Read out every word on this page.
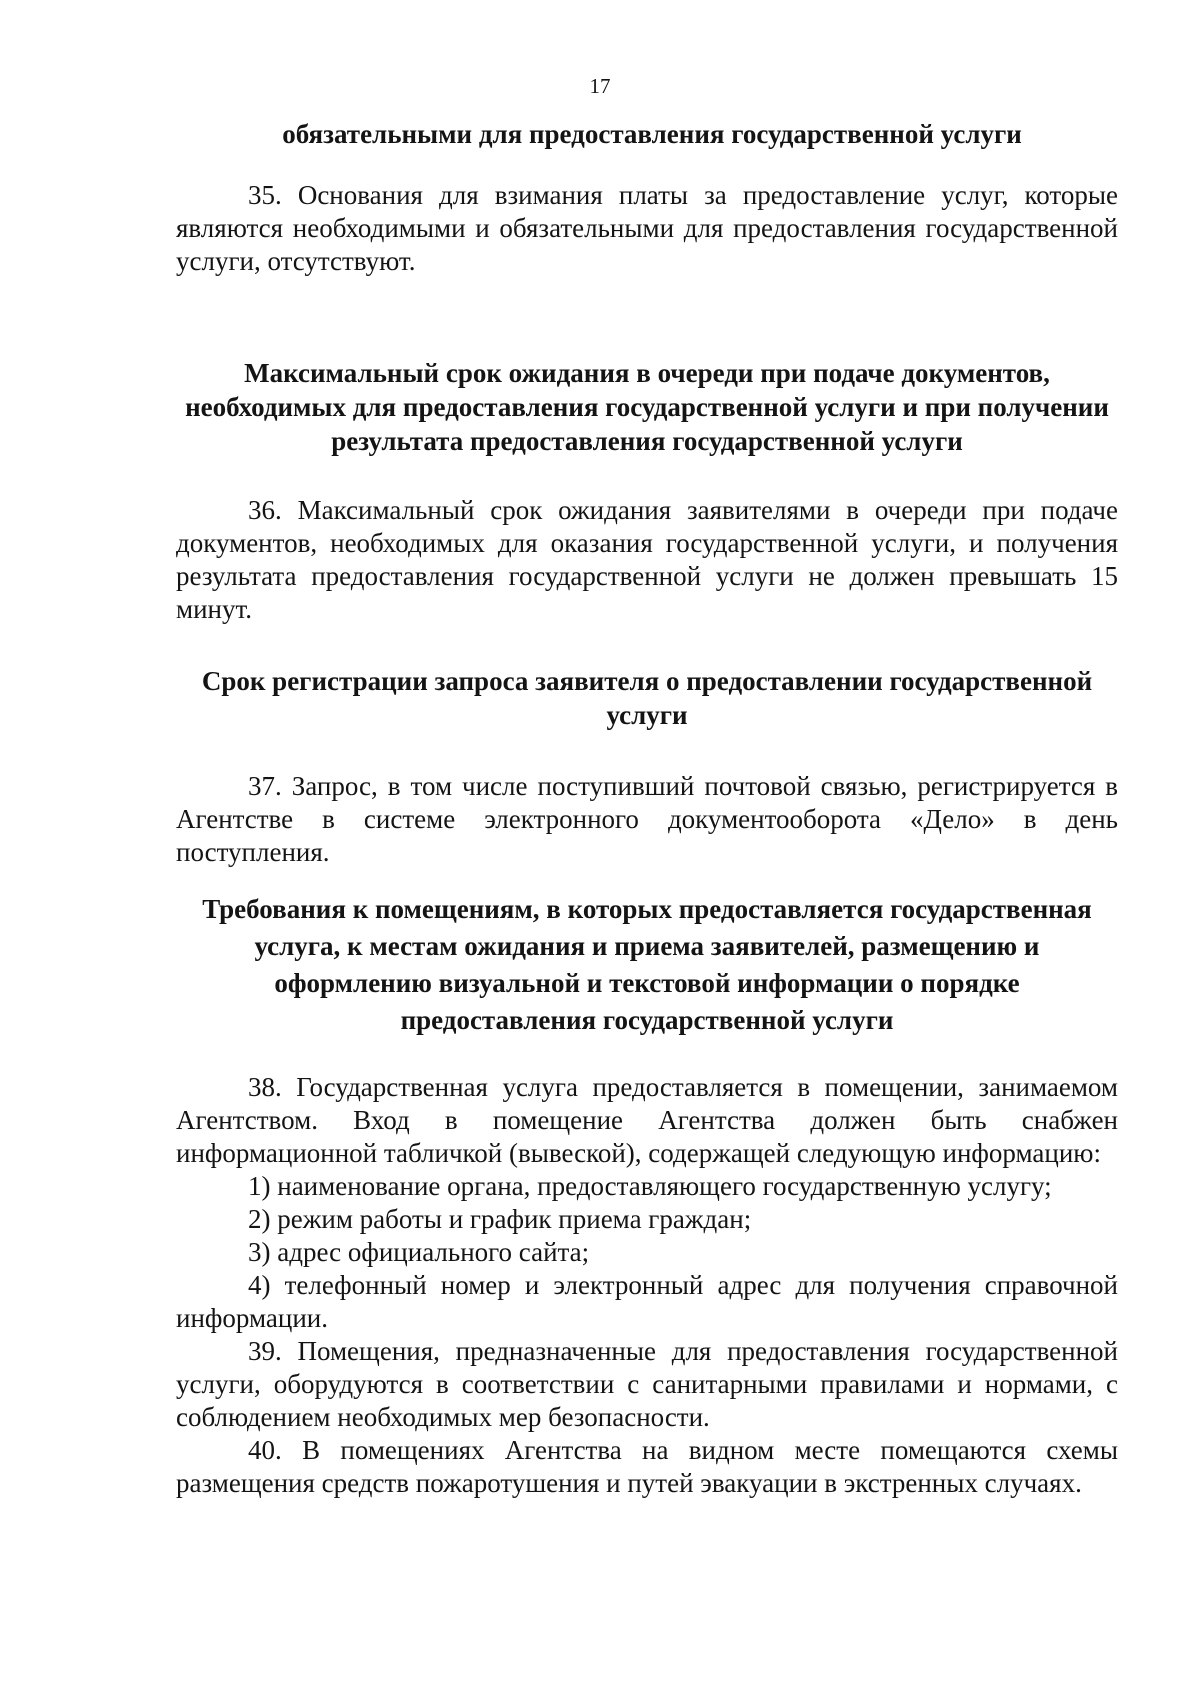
17

обязательными для предоставления государственной услуги

35. Основания для взимания платы за предоставление услуг, которые являются необходимыми и обязательными для предоставления государственной услуги, отсутствуют.

Максимальный срок ожидания в очереди при подаче документов, необходимых для предоставления государственной услуги и при получении результата предоставления государственной услуги

36. Максимальный срок ожидания заявителями в очереди при подаче документов, необходимых для оказания государственной услуги, и получения результата предоставления государственной услуги не должен превышать 15 минут.

Срок регистрации запроса заявителя о предоставлении государственной услуги

37. Запрос, в том числе поступивший почтовой связью, регистрируется в Агентстве в системе электронного документооборота «Дело» в день поступления.

Требования к помещениям, в которых предоставляется государственная услуга, к местам ожидания и приема заявителей, размещению и оформлению визуальной и текстовой информации о порядке предоставления государственной услуги

38. Государственная услуга предоставляется в помещении, занимаемом Агентством. Вход в помещение Агентства должен быть снабжен информационной табличкой (вывеской), содержащей следующую информацию:

1) наименование органа, предоставляющего государственную услугу;

2) режим работы и график приема граждан;

3) адрес официального сайта;

4) телефонный номер и электронный адрес для получения справочной информации.

39. Помещения, предназначенные для предоставления государственной услуги, оборудуются в соответствии с санитарными правилами и нормами, с соблюдением необходимых мер безопасности.

40. В помещениях Агентства на видном месте помещаются схемы размещения средств пожаротушения и путей эвакуации в экстренных случаях.
